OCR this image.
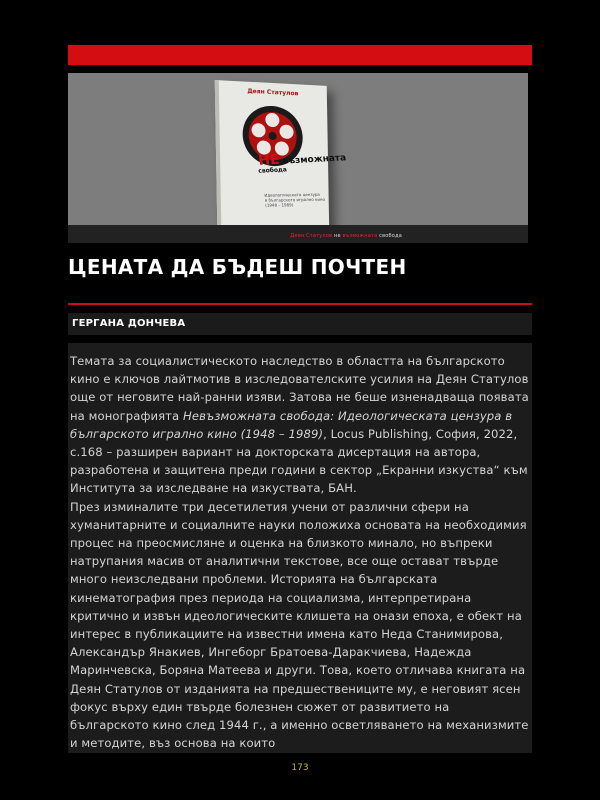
Деян Статулов
НЕ възможната
свобода
Идеологическата цензура
в българското игрално кино
(1948 – 1989)
Деян Статулов не възможната свобода
ЦЕНАТА ДА БЪДЕШ ПОЧТЕН
ГЕРГАНА ДОНЧЕВА

Темата за социалистическото наследство в областта на българското кино е ключов лайтмотив в изследователските усилия на Деян Статулов още от неговите най-ранни изяви. Затова не беше изненадваща появата на монографията Невъзможната свобода: Идеологическата цензура в българското игрално кино (1948 – 1989), Locus Publishing, София, 2022, с.168 – разширен вариант на докторската дисертация на автора, разработена и защитена преди години в сектор „Екранни изкуства“ към Института за изследване на изкуствата, БАН.

През изминалите три десетилетия учени от различни сфери на хуманитарните и социалните науки положиха основата на необходимия процес на преосмисляне и оценка на близкото минало, но въпреки натрупания масив от аналитични текстове, все още остават твърде много неизследвани проблеми. Историята на българската кинематография през периода на социализма, интерпретирана критично и извън идеологическите клишета на онази епоха, е обект на интерес в публикациите на известни имена като Неда Станимирова, Александър Янакиев, Ингеборг Братоева-Даракчиева, Надежда Маринчевска, Боряна Матеева и други. Това, което отличава книгата на Деян Статулов от изданията на предшествениците му, е неговият ясен фокус върху един твърде болезнен сюжет от развитието на българското кино след 1944 г., а именно осветляването на механизмите и методите, въз основа на които

173
